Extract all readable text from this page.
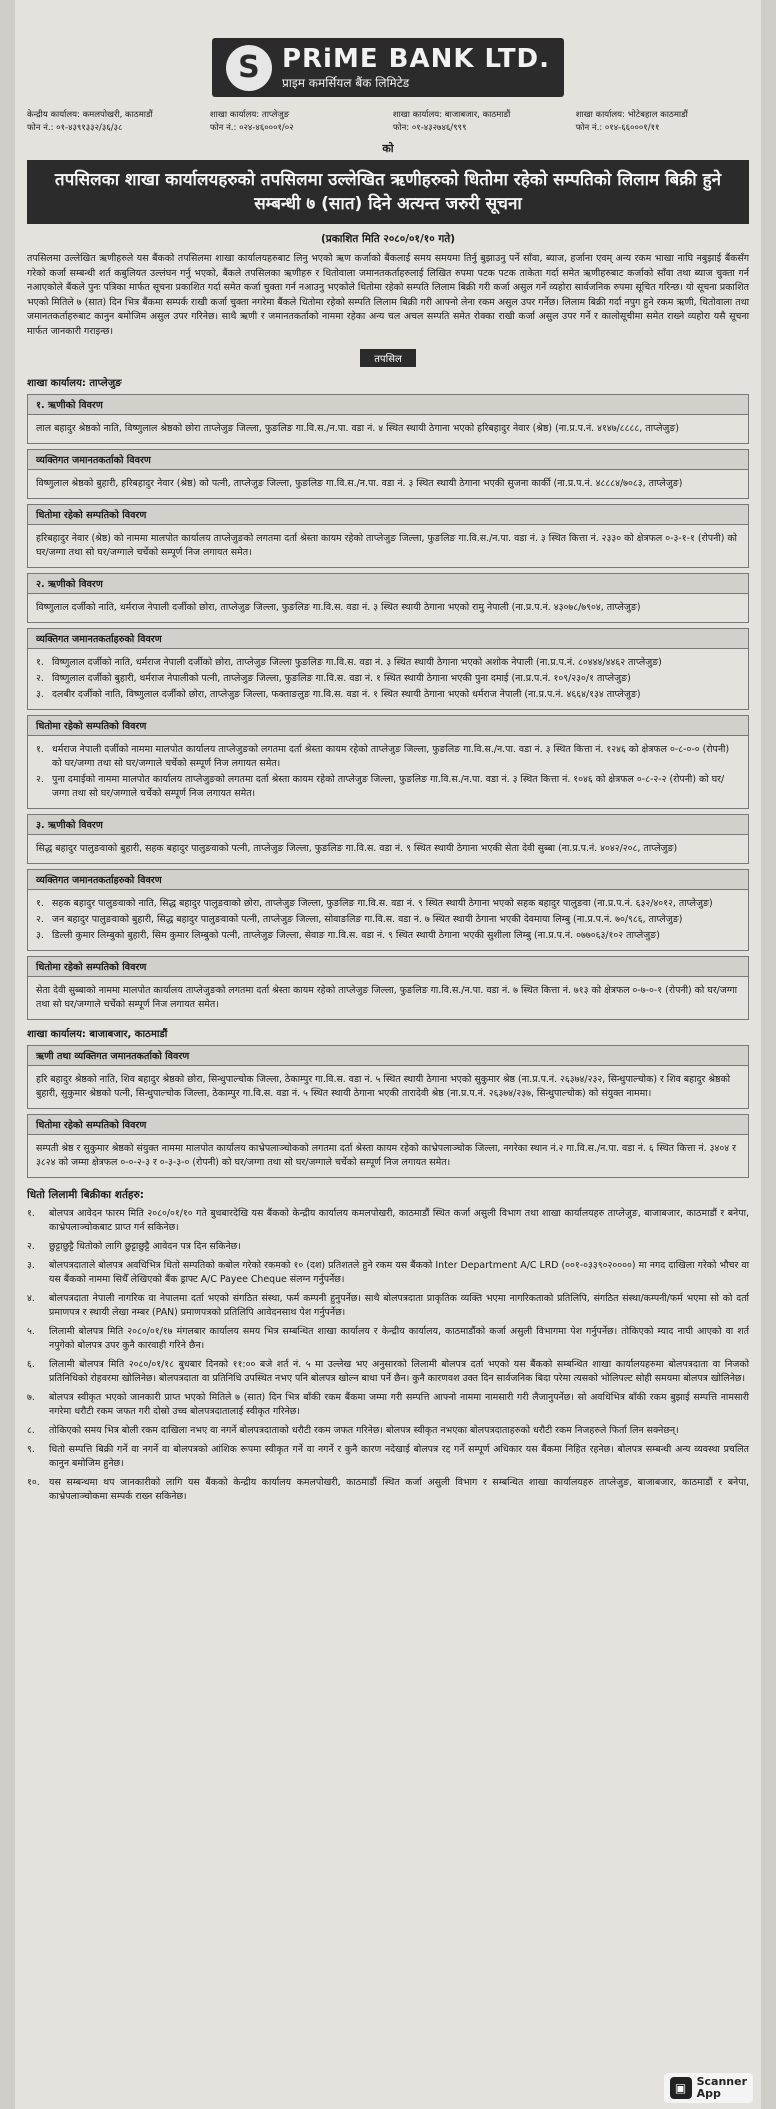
S PRiME BANK LTD.
प्राइम कमर्सियल बैंक लिमिटेड
केन्द्रीय कार्यालय: कमलपोखरी, काठमाडौं
फोन नं.: ०१-४३९१३३२/३६/३८
शाखा कार्यालय: ताप्लेजुङ
फोन नं.: ०२४-४६०००१/०२
शाखा कार्यालय: बाजाबजार, काठमाडौं
फोन: ०१-४३२७४६/९९९
शाखा कार्यालय: भोटेबहाल काठमाडौं
फोन नं.: ०१४-६६०००१/११
को
तपसिलका शाखा कार्यालयहरुको तपसिलमा उल्लेखित ऋणीहरुको धितोमा रहेको सम्पतिको लिलाम बिक्री हुने सम्बन्धी ७ (सात) दिने अत्यन्त जरुरी सूचना
(प्रकाशित मिति २०८०/०१/१० गते)
तपसिलमा उल्लेखित ऋणीहरुले यस बैंकको तपसिलमा शाखा कार्यालयहरुबाट लिनु भएको ऋण कर्जाको बैंकलाई समय समयमा तिर्नु बुझाउनु पर्ने साँवा, ब्याज, हर्जाना एवम् अन्य रकम भाखा नाघि नबुझाई बैंकसँग गरेको कर्जा सम्बन्धी शर्त कबुलियत उल्लंघन गर्नु भएको, बैंकले तपसिलका ऋणीहरु र धितोवाला जमानतकर्ताहरुलाई लिखित रुपमा पटक पटक ताकेता गर्दा समेत ऋणीहरुबाट कर्जाको साँवा तथा ब्याज चुक्ता गर्न नआएकोले बैंकले पुनः पत्रिका मार्फत सूचना प्रकाशित गर्दा समेत कर्जा चुक्ता गर्न नआउनु भएकोले धितोमा रहेको सम्पति लिलाम बिक्री गरी कर्जा असुल गर्ने व्यहोरा सार्वजनिक रुपमा सूचित गरिन्छ। यो सूचना प्रकाशित भएको मितिले ७ (सात) दिन भित्र बैंकमा सम्पर्क राखी कर्जा चुक्ता नगरेमा बैंकले धितोमा रहेको सम्पति लिलाम बिक्री गरी आफ्नो लेना रकम असुल उपर गर्नेछ। लिलाम बिक्री गर्दा नपुग हुने रकम ऋणी, धितोवाला तथा जमानतकर्ताहरुबाट कानुन बमोजिम असुल उपर गरिनेछ। साथै ऋणी र जमानतकर्ताको नाममा रहेका अन्य चल अचल सम्पति समेत रोक्का राखी कर्जा असुल उपर गर्ने र कालोसूचीमा समेत राख्ने व्यहोरा यसै सूचना मार्फत जानकारी गराइन्छ।
तपसिल
शाखा कार्यालय: ताप्लेजुङ
१. ऋणीको विवरण
लाल बहादुर श्रेष्ठको नाति, विष्णुलाल श्रेष्ठको छोरा ताप्लेजुङ जिल्ला, फुङलिङ गा.वि.स./न.पा. वडा नं. ४ स्थित स्थायी ठेगाना भएको हरिबहादुर नेवार (श्रेष्ठ) (ना.प्र.प.नं. ४१४७/८८८८, ताप्लेजुङ)
व्यक्तिगत जमानतकर्ताको विवरण
विष्णुलाल श्रेष्ठको बुहारी, हरिबहादुर नेवार (श्रेष्ठ) को पत्नी, ताप्लेजुङ जिल्ला, फुङलिङ गा.वि.स./न.पा. वडा नं. ३ स्थित स्थायी ठेगाना भएकी सुजना कार्की (ना.प्र.प.नं. ४८८८४/७०८३, ताप्लेजुङ)
धितोमा रहेको सम्पतिको विवरण
हरिबहादुर नेवार (श्रेष्ठ) को नाममा मालपोत कार्यालय ताप्लेजुङको लगतमा दर्ता श्रेस्ता कायम रहेको ताप्लेजुङ जिल्ला, फुङलिङ गा.वि.स./न.पा. वडा नं. ३ स्थित कित्ता नं. २३३० को क्षेत्रफल ०-३-१-१ (रोपनी) को घर/जग्गा तथा सो घर/जग्गाले चर्चेको सम्पूर्ण निज लगायत समेत।
२. ऋणीको विवरण
विष्णुलाल दर्जीको नाति, धर्मराज नेपाली दर्जीको छोरा, ताप्लेजुङ जिल्ला, फुङलिङ गा.वि.स. वडा नं. ३ स्थित स्थायी ठेगाना भएको रामु नेपाली (ना.प्र.प.नं. ४३०७८/७९०४, ताप्लेजुङ)
व्यक्तिगत जमानतकर्ताहरुको विवरण
१. विष्णुलाल दर्जीको नाति, धर्मराज नेपाली दर्जीको छोरा, ताप्लेजुङ जिल्ला फुङलिङ गा.वि.स. वडा नं. ३ स्थित स्थायी ठेगाना भएको अशोक नेपाली (ना.प्र.प.नं. ८०४४४/४४६२ ताप्लेजुङ)
२. विष्णुलाल दर्जीको बुहारी, धर्मराज नेपालीको पत्नी, ताप्लेजुङ जिल्ला, फुङलिङ गा.वि.स. वडा नं. १ स्थित स्थायी ठेगाना भएकी पुना दमाई (ना.प्र.प.नं. १०९/२३०/१ ताप्लेजुङ)
३. दलबीर दर्जीको नाति, विष्णुलाल दर्जीको छोरा, ताप्लेजुङ जिल्ला, फक्ताङलुङ गा.वि.स. वडा नं. १ स्थित स्थायी ठेगाना भएको धर्मराज नेपाली (ना.प्र.प.नं. ४६६४/१३४ ताप्लेजुङ)
धितोमा रहेको सम्पतिको विवरण
१. धर्मराज नेपाली दर्जीको नाममा मालपोत कार्यालय ताप्लेजुङको लगतमा दर्ता श्रेस्ता कायम रहेको ताप्लेजुङ जिल्ला, फुङलिङ गा.वि.स./न.पा. वडा नं. ३ स्थित कित्ता नं. १२४६ को क्षेत्रफल ०-८-०-० (रोपनी) को घर/जग्गा तथा सो घर/जग्गाले चर्चेको सम्पूर्ण निज लगायत समेत।
२. पुना दमाईको नाममा मालपोत कार्यालय ताप्लेजुङको लगतमा दर्ता श्रेस्ता कायम रहेको ताप्लेजुङ जिल्ला, फुङलिङ गा.वि.स./न.पा. वडा नं. ३ स्थित कित्ता नं. १०४६ को क्षेत्रफल ०-८-२-२ (रोपनी) को घर/जग्गा तथा सो घर/जग्गाले चर्चेको सम्पूर्ण निज लगायत समेत।
३. ऋणीको विवरण
सिद्ध बहादुर पालुङवाको बुहारी, सहक बहादुर पालुङवाको पत्नी, ताप्लेजुङ जिल्ला, फुङलिङ गा.वि.स. वडा नं. ९ स्थित स्थायी ठेगाना भएकी सेता देवी सुब्बा (ना.प्र.प.नं. ४०४२/२०८, ताप्लेजुङ)
व्यक्तिगत जमानतकर्ताहरुको विवरण
१. सहक बहादुर पालुङवाको नाति, सिद्ध बहादुर पालुङवाको छोरा, ताप्लेजुङ जिल्ला, फुङलिङ गा.वि.स. वडा नं. ९ स्थित स्थायी ठेगाना भएको सहक बहादुर पालुङवा (ना.प्र.प.नं. ६३२/४०१२, ताप्लेजुङ)
२. जन बहादुर पालुङवाको बुहारी, सिद्ध बहादुर पालुङवाको पत्नी, ताप्लेजुङ जिल्ला, सोवाङलिङ गा.वि.स. वडा नं. ७ स्थित स्थायी ठेगाना भएकी देवमाया लिम्बु (ना.प्र.प.नं. ७०/९८६, ताप्लेजुङ)
३. डिल्ली कुमार लिम्बुको बुहारी, सिम कुमार लिम्बुको पत्नी, ताप्लेजुङ जिल्ला, सेवाङ गा.वि.स. वडा नं. ९ स्थित स्थायी ठेगाना भएकी सुशीला लिम्बु (ना.प्र.प.नं. ०७७०६३/१०२ ताप्लेजुङ)
धितोमा रहेको सम्पतिको विवरण
सेता देवी सुब्बाको नाममा मालपोत कार्यालय ताप्लेजुङको लगतमा दर्ता श्रेस्ता कायम रहेको ताप्लेजुङ जिल्ला, फुङलिङ गा.वि.स./न.पा. वडा नं. ७ स्थित कित्ता नं. ७१३ को क्षेत्रफल ०-७-०-१ (रोपनी) को घर/जग्गा तथा सो घर/जग्गाले चर्चेको सम्पूर्ण निज लगायत समेत।
शाखा कार्यालय: बाजाबजार, काठमाडौं
ऋणी तथा व्यक्तिगत जमानतकर्ताको विवरण
हरि बहादुर श्रेष्ठको नाति, शिव बहादुर श्रेष्ठको छोरा, सिन्धुपाल्चोक जिल्ला, ठेकाम्पुर गा.वि.स. वडा नं. ५ स्थित स्थायी ठेगाना भएको सुकुमार श्रेष्ठ (ना.प्र.प.नं. २६३७४/२३२, सिन्धुपाल्चोक) र शिव बहादुर श्रेष्ठको बुहारी, सुकुमार श्रेष्ठको पत्नी, सिन्धुपाल्चोक जिल्ला, ठेकाम्पुर गा.वि.स. वडा नं. ५ स्थित स्थायी ठेगाना भएकी तारादेवी श्रेष्ठ (ना.प्र.प.नं. २६३७४/२३७, सिन्धुपाल्चोक) को संयुक्त नाममा।
धितोमा रहेको सम्पतिको विवरण
सम्पती श्रेष्ठ र सुकुमार श्रेष्ठको संयुक्त नाममा मालपोत कार्यालय काभ्रेपलाञ्चोकको लगतमा दर्ता श्रेस्ता कायम रहेको काभ्रेपलाञ्चोक जिल्ला, नगरेका स्थान नं.२ गा.वि.स./न.पा. वडा नं. ६ स्थित कित्ता नं. ३४०४ र ३८२४ को जम्मा क्षेत्रफल ०-०-२-३ र ०-३-३-० (रोपनी) को घर/जग्गा तथा सो घर/जग्गाले चर्चेको सम्पूर्ण निज लगायत समेत।
धितो लिलामी बिक्रीका शर्तहरु:
१.	बोलपत्र आवेदन फारम मिति २०८०/०१/१० गते बुधबारदेखि यस बैंकको केन्द्रीय कार्यालय कमलपोखरी, काठमाडौं स्थित कर्जा असुली विभाग तथा शाखा कार्यालयहरु ताप्लेजुङ, बाजाबजार, काठमाडौं र बनेपा, काभ्रेपलाञ्चोकबाट प्राप्त गर्न सकिनेछ।
२.	छुट्टाछुट्टै धितोको लागि छुट्टाछुट्टै आवेदन पत्र दिन सकिनेछ।
३.	बोलपत्रदाताले बोलपत्र अवधिभित्र धितो सम्पतिको कबोल गरेको रकमको १० (दश) प्रतिशतले हुने रकम यस बैंकको Inter Department A/C LRD (००१-०३३९०२००००) मा नगद दाखिला गरेको भौचर वा यस बैंकको नाममा सिधैँ लेखिएको बैंक ड्राफ्ट A/C Payee Cheque संलग्न गर्नुपर्नेछ।
४.	बोलपत्रदाता नेपाली नागरिक वा नेपालमा दर्ता भएको संगठित संस्था, फर्म कम्पनी हुनुपर्नेछ। साथै बोलपत्रदाता प्राकृतिक व्यक्ति भएमा नागरिकताको प्रतिलिपि, संगठित संस्था/कम्पनी/फर्म भएमा सो को दर्ता प्रमाणपत्र र स्थायी लेखा नम्बर (PAN) प्रमाणपत्रको प्रतिलिपि आवेदनसाथ पेश गर्नुपर्नेछ।
५.	लिलामी बोलपत्र मिति २०८०/०१/१७ मंगलबार कार्यालय समय भित्र सम्बन्धित शाखा कार्यालय र केन्द्रीय कार्यालय, काठमाडौंको कर्जा असुली विभागमा पेश गर्नुपर्नेछ। तोकिएको म्याद नाघी आएको वा शर्त नपुगेको बोलपत्र उपर कुनै कारवाही गरिने छैन।
६.	लिलामी बोलपत्र मिति २०८०/०१/१८ बुधबार दिनको ११:०० बजे शर्त नं. ५ मा उल्लेख भए अनुसारको लिलामी बोलपत्र दर्ता भएको यस बैंकको सम्बन्धित शाखा कार्यालयहरुमा बोलपत्रदाता वा निजको प्रतिनिधिको रोहवरमा खोलिनेछ। बोलपत्रदाता वा प्रतिनिधि उपस्थित नभए पनि बोलपत्र खोल्न बाधा पर्ने छैन। कुनै कारणवश उक्त दिन सार्वजनिक बिदा परेमा त्यसको भोलिपल्ट सोही समयमा बोलपत्र खोलिनेछ।
७.	बोलपत्र स्वीकृत भएको जानकारी प्राप्त भएको मितिले ७ (सात) दिन भित्र बाँकी रकम बैंकमा जम्मा गरी सम्पत्ति आफ्नो नाममा नामसारी गरी लैजानुपर्नेछ। सो अवधिभित्र बाँकी रकम बुझाई सम्पत्ति नामसारी नगरेमा धरौटी रकम जफत गरी दोस्रो उच्च बोलपत्रदातालाई स्वीकृत गरिनेछ।
८.	तोकिएको समय भित्र बोली रकम दाखिला नभए वा नगर्ने बोलपत्रदाताको धरौटी रकम जफत गरिनेछ। बोलपत्र स्वीकृत नभएका बोलपत्रदाताहरुको धरौटी रकम निजहरुले फिर्ता लिन सक्नेछन्।
९.	धितो सम्पत्ति बिक्री गर्ने वा नगर्ने वा बोलपत्रको आंशिक रूपमा स्वीकृत गर्ने वा नगर्ने र कुनै कारण नदेखाई बोलपत्र रद्द गर्ने सम्पूर्ण अधिकार यस बैंकमा निहित रहनेछ। बोलपत्र सम्बन्धी अन्य व्यवस्था प्रचलित कानुन बमोजिम हुनेछ।
१०. यस सम्बन्धमा थप जानकारीको लागि यस बैंकको केन्द्रीय कार्यालय कमलपोखरी, काठमाडौं स्थित कर्जा असुली विभाग र सम्बन्धित शाखा कार्यालयहरु ताप्लेजुङ, बाजाबजार, काठमाडौं र बनेपा, काभ्रेपलाञ्चोकमा सम्पर्क राख्न सकिनेछ।
▣ Scanner
App
